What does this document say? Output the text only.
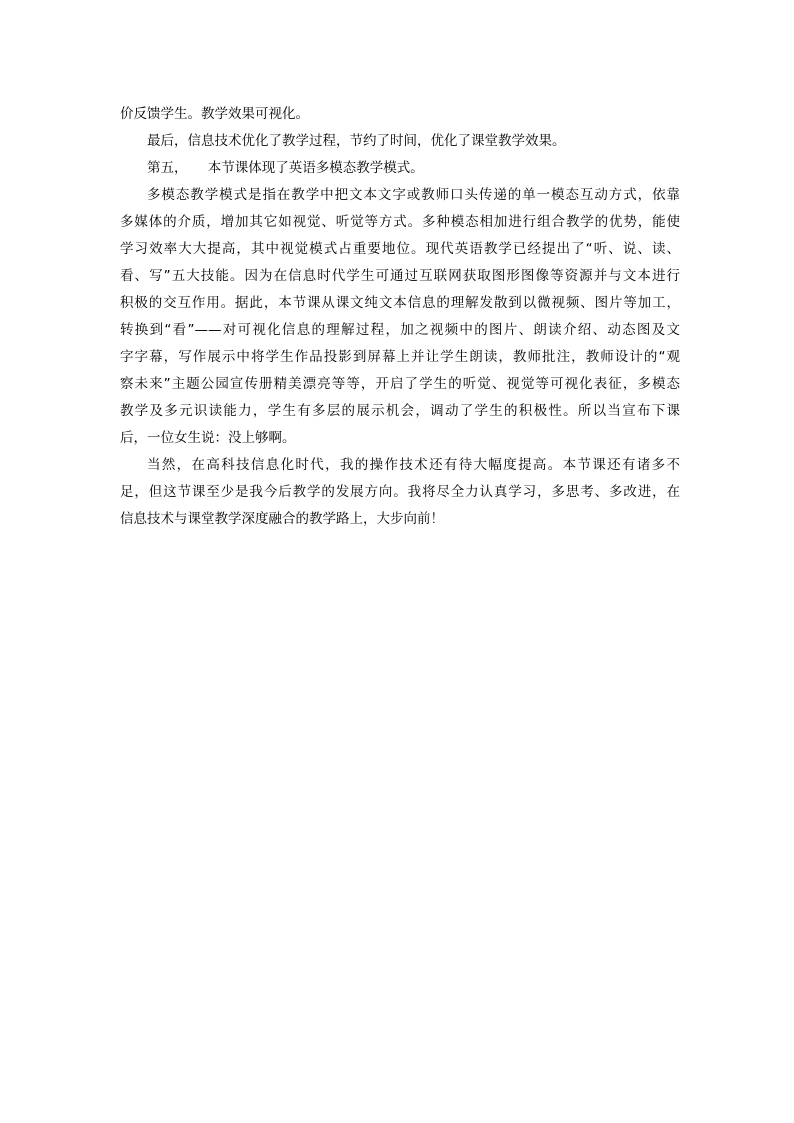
价反馈学生。教学效果可视化。
最后，信息技术优化了教学过程，节约了时间，优化了课堂教学效果。
第五，　　本节课体现了英语多模态教学模式。
多模态教学模式是指在教学中把文本文字或教师口头传递的单一模态互动方式，依靠
多媒体的介质，增加其它如视觉、听觉等方式。多种模态相加进行组合教学的优势，能使
学习效率大大提高，其中视觉模式占重要地位。现代英语教学已经提出了“听、说、读、
看、写”五大技能。因为在信息时代学生可通过互联网获取图形图像等资源并与文本进行
积极的交互作用。据此，本节课从课文纯文本信息的理解发散到以微视频、图片等加工，
转换到“看”——对可视化信息的理解过程，加之视频中的图片、朗读介绍、动态图及文
字字幕，写作展示中将学生作品投影到屏幕上并让学生朗读，教师批注，教师设计的“观
察未来”主题公园宣传册精美漂亮等等，开启了学生的听觉、视觉等可视化表征，多模态
教学及多元识读能力，学生有多层的展示机会，调动了学生的积极性。所以当宣布下课
后，一位女生说：没上够啊。
当然，在高科技信息化时代，我的操作技术还有待大幅度提高。本节课还有诸多不
足，但这节课至少是我今后教学的发展方向。我将尽全力认真学习，多思考、多改进，在
信息技术与课堂教学深度融合的教学路上，大步向前！
